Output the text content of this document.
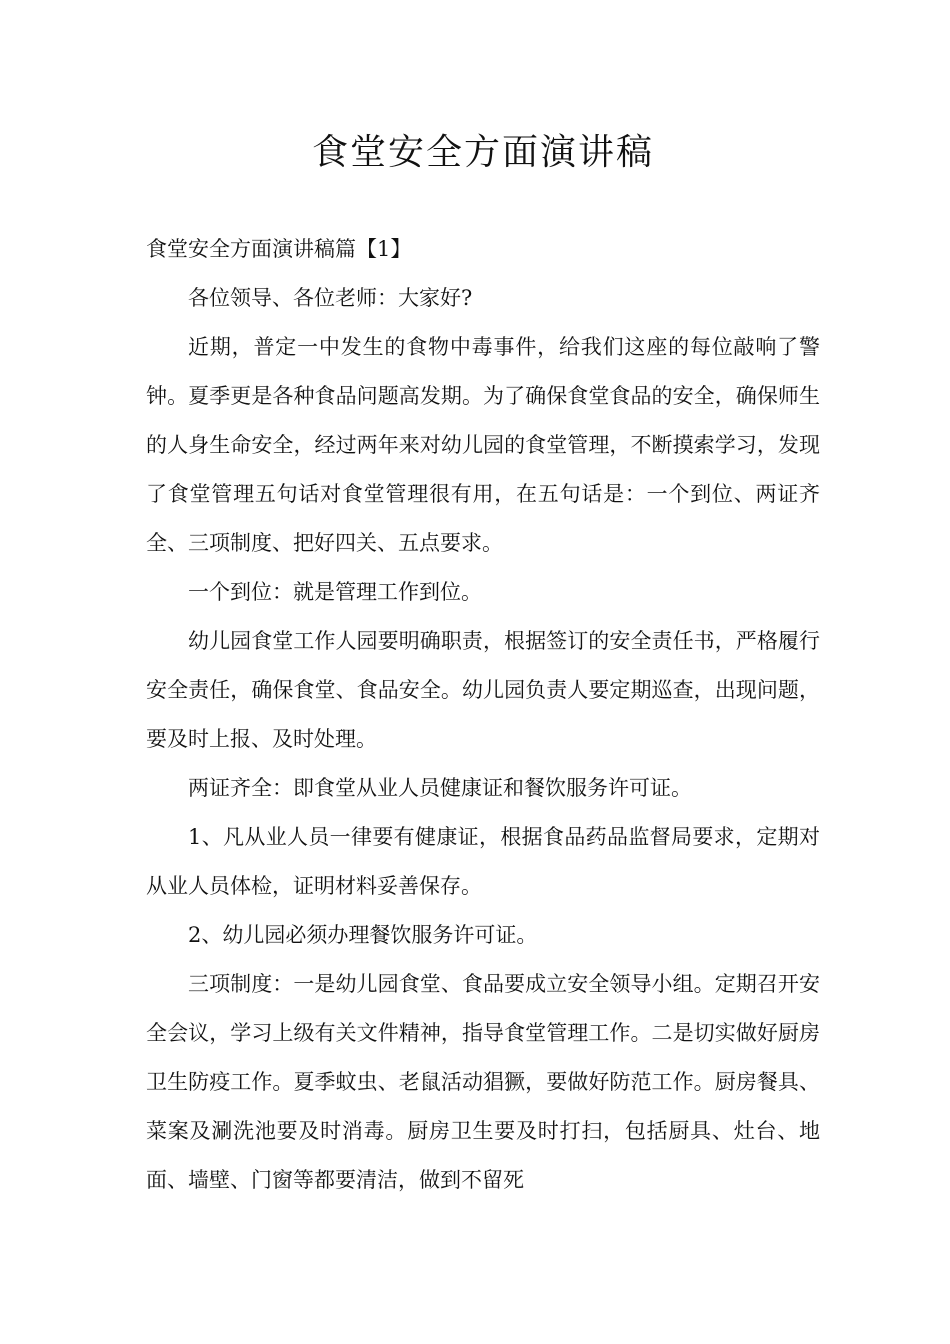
食堂安全方面演讲稿
食堂安全方面演讲稿篇【1】

各位领导、各位老师：大家好?

近期，普定一中发生的食物中毒事件，给我们这座的每位敲响了警钟。夏季更是各种食品问题高发期。为了确保食堂食品的安全，确保师生的人身生命安全，经过两年来对幼儿园的食堂管理，不断摸索学习，发现了食堂管理五句话对食堂管理很有用，在五句话是：一个到位、两证齐全、三项制度、把好四关、五点要求。

一个到位：就是管理工作到位。

幼儿园食堂工作人园要明确职责，根据签订的安全责任书，严格履行安全责任，确保食堂、食品安全。幼儿园负责人要定期巡查，出现问题，要及时上报、及时处理。

两证齐全：即食堂从业人员健康证和餐饮服务许可证。

1、凡从业人员一律要有健康证，根据食品药品监督局要求，定期对从业人员体检，证明材料妥善保存。

2、幼儿园必须办理餐饮服务许可证。

三项制度：一是幼儿园食堂、食品要成立安全领导小组。定期召开安全会议，学习上级有关文件精神，指导食堂管理工作。二是切实做好厨房卫生防疫工作。夏季蚊虫、老鼠活动猖獗，要做好防范工作。厨房餐具、菜案及涮洗池要及时消毒。厨房卫生要及时打扫，包括厨具、灶台、地面、墙壁、门窗等都要清洁，做到不留死
